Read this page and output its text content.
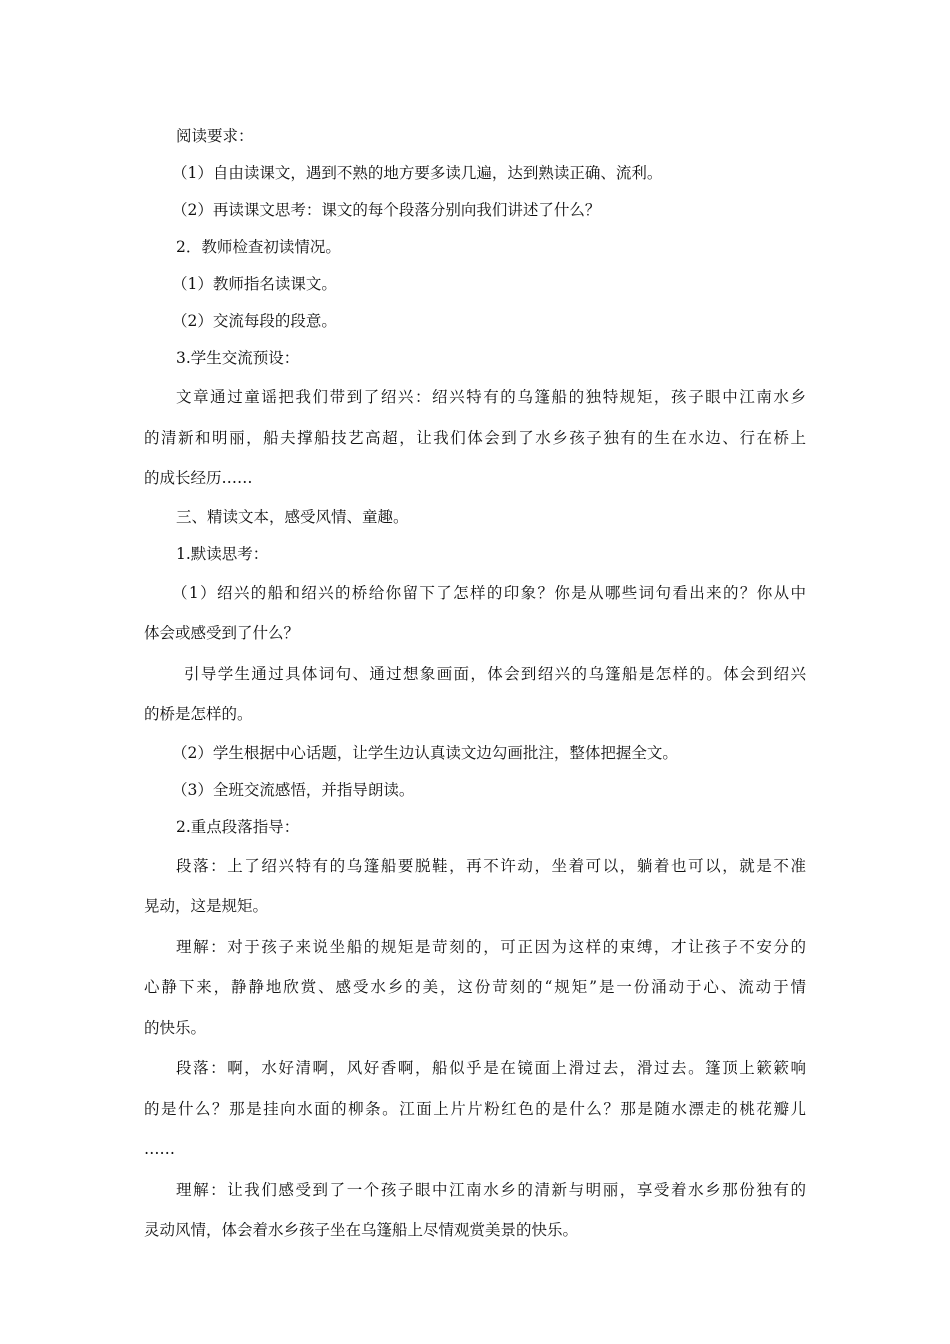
阅读要求：

（1）自由读课文，遇到不熟的地方要多读几遍，达到熟读正确、流利。

（2）再读课文思考：课文的每个段落分别向我们讲述了什么？

2．教师检查初读情况。

（1）教师指名读课文。

（2）交流每段的段意。

3.学生交流预设：

文章通过童谣把我们带到了绍兴：绍兴特有的乌篷船的独特规矩，孩子眼中江南水乡

的清新和明丽，船夫撑船技艺高超，让我们体会到了水乡孩子独有的生在水边、行在桥上

的成长经历……

三、精读文本，感受风情、童趣。

1.默读思考：

（1）绍兴的船和绍兴的桥给你留下了怎样的印象？你是从哪些词句看出来的？你从中

体会或感受到了什么？

引导学生通过具体词句、通过想象画面，体会到绍兴的乌篷船是怎样的。体会到绍兴

的桥是怎样的。

（2）学生根据中心话题，让学生边认真读文边勾画批注，整体把握全文。

（3）全班交流感悟，并指导朗读。

2.重点段落指导：

段落：上了绍兴特有的乌篷船要脱鞋，再不许动，坐着可以，躺着也可以，就是不准

晃动，这是规矩。

理解：对于孩子来说坐船的规矩是苛刻的，可正因为这样的束缚，才让孩子不安分的

心静下来，静静地欣赏、感受水乡的美，这份苛刻的“规矩”是一份涌动于心、流动于情

的快乐。

段落：啊，水好清啊，风好香啊，船似乎是在镜面上滑过去，滑过去。篷顶上簌簌响

的是什么？那是挂向水面的柳条。江面上片片粉红色的是什么？那是随水漂走的桃花瓣儿

……

理解：让我们感受到了一个孩子眼中江南水乡的清新与明丽，享受着水乡那份独有的

灵动风情，体会着水乡孩子坐在乌篷船上尽情观赏美景的快乐。
